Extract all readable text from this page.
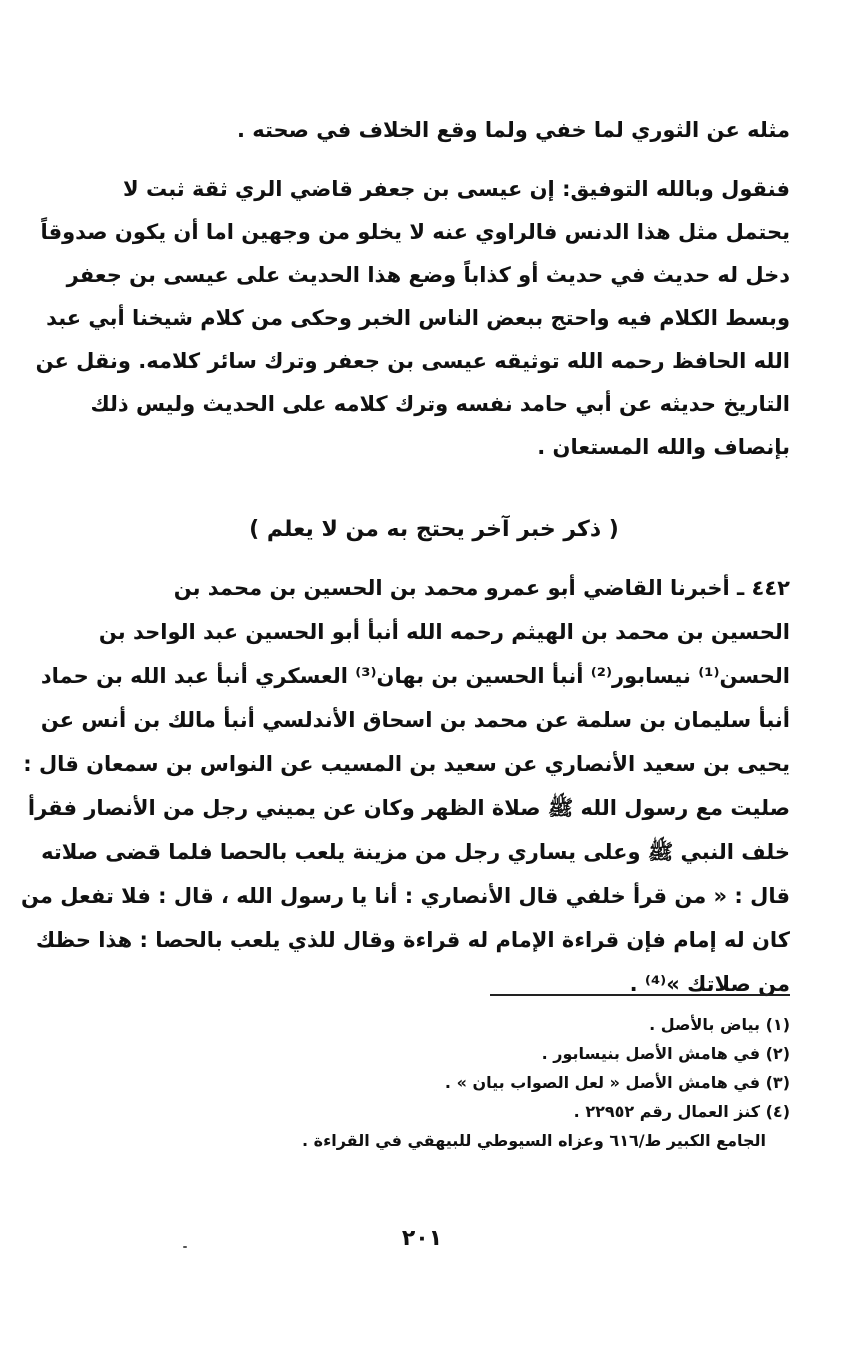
مثله عن الثوري لما خفي ولما وقع الخلاف في صحته .
فنقول وبالله التوفيق: إن عيسى بن جعفر قاضي الري ثقة ثبت لا
يحتمل مثل هذا الدنس فالراوي عنه لا يخلو من وجهين اما أن يكون صدوقاً
دخل له حديث في حديث أو كذاباً وضع هذا الحديث على عيسى بن جعفر
وبسط الكلام فيه واحتج ببعض الناس الخبر وحكى من كلام شيخنا أبي عبد
الله الحافظ رحمه الله توثيقه عيسى بن جعفر وترك سائر كلامه. ونقل عن
التاريخ حديثه عن أبي حامد نفسه وترك كلامه على الحديث وليس ذلك
بإنصاف والله المستعان .
( ذكر خبر آخر يحتج به من لا يعلم )
٤٤٢ ـ أخبرنا القاضي أبو عمرو محمد بن الحسين بن محمد بن
الحسين بن محمد بن الهيثم رحمه الله أنبأ أبو الحسين عبد الواحد بن
الحسن⁽¹⁾ نيسابور⁽²⁾ أنبأ الحسين بن بهان⁽³⁾ العسكري أنبأ عبد الله بن حماد
أنبأ سليمان بن سلمة عن محمد بن اسحاق الأندلسي أنبأ مالك بن أنس عن
يحيى بن سعيد الأنصاري عن سعيد بن المسيب عن النواس بن سمعان قال :
صليت مع رسول الله ﷺ صلاة الظهر وكان عن يميني رجل من الأنصار فقرأ
خلف النبي ﷺ وعلى يساري رجل من مزينة يلعب بالحصا فلما قضى صلاته
قال : « من قرأ خلفي قال الأنصاري : أنا يا رسول الله ، قال : فلا تفعل من
كان له إمام فإن قراءة الإمام له قراءة وقال للذي يلعب بالحصا : هذا حظك
من صلاتك »⁽⁴⁾ .
(١) بياض بالأصل .
(٢) في هامش الأصل بنيسابور .
(٣) في هامش الأصل « لعل الصواب بيان » .
(٤) كنز العمال رقم ٢٢٩٥٢ .
الجامع الكبير ط/٦١٦ وعزاه السيوطي للبيهقي في القراءة .
٢٠١
